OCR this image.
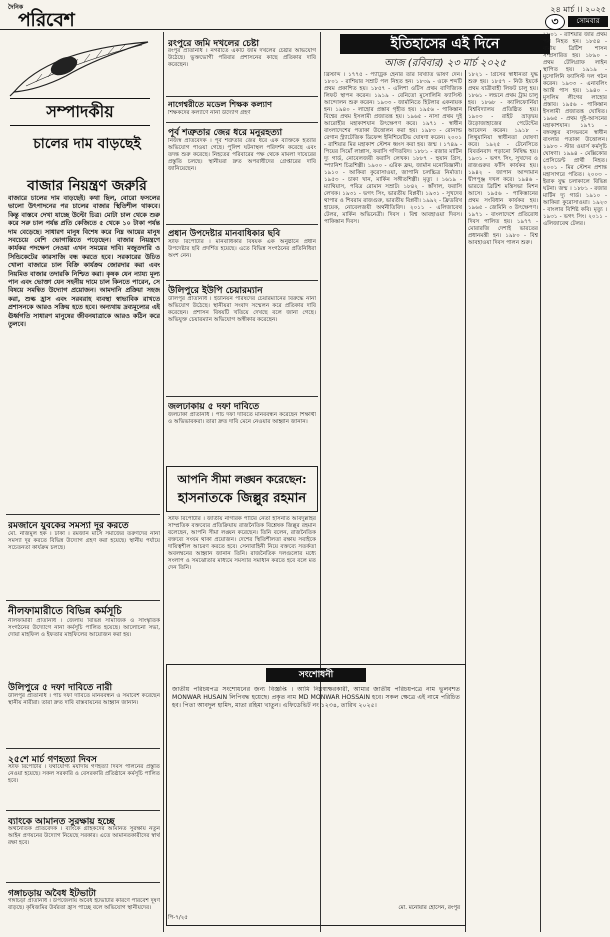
দৈনিক
পরিবেশ	২৪ মার্চ ।। ২০২৫
৩	সোমবার
সম্পাদকীয়
চালের দাম বাড়ছেই
বাজার নিয়ন্ত্রণ জরুরি
বাজারে চালের দাম বাড়ছেই। কথা ছিল, বোরো ফসলের ভালো উৎপাদনের পর চালের বাজার স্থিতিশীল থাকবে। কিন্তু বাস্তবে দেখা যাচ্ছে উল্টো চিত্র। মোটা চাল থেকে শুরু করে সরু চাল পর্যন্ত প্রতি কেজিতে ৫ থেকে ১০ টাকা পর্যন্ত দাম বেড়েছে। সাধারণ মানুষ বিশেষ করে নিম্ন আয়ের মানুষ সবচেয়ে বেশি ভোগান্তিতে পড়েছেন। বাজার নিয়ন্ত্রণে কার্যকর পদক্ষেপ নেওয়া এখন সময়ের দাবি। মজুতদারি ও সিন্ডিকেটের কারসাজি বন্ধ করতে হবে। সরকারের উচিত খোলা বাজারে চাল বিক্রি কার্যক্রম জোরদার করা এবং নিয়মিত বাজার তদারকি নিশ্চিত করা। কৃষক যেন ন্যায্য মূল্য পান এবং ভোক্তা যেন সহনীয় দামে চাল কিনতে পারেন, সে বিষয়ে সমন্বিত উদ্যোগ প্রয়োজন। আমদানি প্রক্রিয়া সহজ করা, শুল্ক হ্রাস এবং সরবরাহ ব্যবস্থা স্বাভাবিক রাখতে প্রশাসনকে আরও সক্রিয় হতে হবে। অন্যথায় দ্রব্যমূল্যের এই ঊর্ধ্বগতি সাধারণ মানুষের জীবনযাত্রাকে আরও কঠিন করে তুলবে।
রমজানে যুবকের সমস্যা দূর করতে
মো. নাজমুল হক । ঢাকা । রমজান মাসে সমাজের তরুণদের নানা সমস্যা দূর করতে বিভিন্ন উদ্যোগ গ্রহণ করা হয়েছে। স্থানীয় পর্যায়ে সচেতনতা কার্যক্রম চলছে।
নীলফামারীতে বিভিন্ন কর্মসূচি
নীলফামারী প্রতিনিধি । জেলায় বিভিন্ন সামাজিক ও সাংস্কৃতিক সংগঠনের উদ্যোগে নানা কর্মসূচি পালিত হয়েছে। আলোচনা সভা, দোয়া মাহফিল ও ইফতার মাহফিলের আয়োজন করা হয়।
উলিপুরে ৫ দফা দাবিতে নারী
উলিপুর প্রতিনিধি । পাঁচ দফা দাবিতে মানববন্ধন ও সমাবেশ করেছেন স্থানীয় নারীরা। তারা দ্রুত দাবি বাস্তবায়নের আহ্বান জানান।
২৫শে মার্চ গণহত্যা দিবস
স্টাফ রিপোর্টার । যথাযোগ্য মর্যাদায় গণহত্যা দিবস পালনের প্রস্তুতি নেওয়া হয়েছে। সকল সরকারি ও বেসরকারি প্রতিষ্ঠানে কর্মসূচি পালিত হবে।
ব্যাংকে আমানত সুরক্ষায় হচ্ছে
অর্থনৈতিক প্রতিবেদক । ব্যাংকে গ্রাহকদের আমানত সুরক্ষায় নতুন আইন প্রণয়নের উদ্যোগ নিয়েছে সরকার। এতে আমানতকারীদের স্বার্থ রক্ষা হবে।
গঙ্গাচড়ায় অবৈধ ইটভাটা
গঙ্গাচড়া প্রতিনিধি । উপজেলায় অবৈধ ইটভাটার কারণে পরিবেশ দূষণ বাড়ছে। কৃষিজমির উর্বরতা হ্রাস পাচ্ছে বলে অভিযোগ স্থানীয়দের।
রংপুরে জমি দখলের চেষ্টা
রংপুর প্রতিনিধি । নগরীতে একটি জমি দখলের চেষ্টার অভিযোগ উঠেছে। ভুক্তভোগী পরিবার প্রশাসনের কাছে প্রতিকার দাবি করেছেন।
নাগেশ্বরীতে মডেল শিক্ষক কল্যাণ
শিক্ষকদের কল্যাণে নানা উদ্যোগ গ্রহণ
পূর্ব শত্রুতার জের ধরে মনুরহত্যা
নিজস্ব প্রতিবেদক । পূর্ব শত্রুতার জের ধরে এক ব্যক্তিকে হত্যার অভিযোগ পাওয়া গেছে। পুলিশ ঘটনাস্থল পরিদর্শন করেছে এবং তদন্ত শুরু করেছে। নিহতের পরিবারের পক্ষ থেকে মামলা দায়েরের প্রস্তুতি চলছে। স্থানীয়রা দ্রুত অপরাধীদের গ্রেপ্তারের দাবি জানিয়েছেন।
প্রধান উপদেষ্টার মানবাধিকার ছবি
স্টাফ রিপোর্টার । মানবাধিকার বিষয়ক এক অনুষ্ঠানে প্রধান উপদেষ্টার ছবি প্রদর্শিত হয়েছে। এতে বিভিন্ন সংগঠনের প্রতিনিধিরা অংশ নেন।
উলিপুরে ইউপি চেয়ারম্যান
উলিপুর প্রতিনিধি । ইউনিয়ন পরিষদের চেয়ারম্যানের বিরুদ্ধে নানা অভিযোগ উঠেছে। স্থানীয়রা সংবাদ সম্মেলন করে প্রতিকার দাবি করেছেন। প্রশাসন বিষয়টি খতিয়ে দেখছে বলে জানা গেছে। অভিযুক্ত চেয়ারম্যান অভিযোগ অস্বীকার করেছেন।
জলঢাকায় ৫ দফা দাবিতে
জলঢাকা প্রতিনিধি । পাঁচ দফা দাবিতে মানববন্ধন করেছেন শিক্ষার্থী ও অভিভাবকরা। তারা দ্রুত দাবি মেনে নেওয়ার আহ্বান জানান।
আপনি সীমা লঙ্ঘন করেছেন:
হাসনাতকে জিল্লুর রহমান
স্টাফ রিপোর্টার । জাতীয় নাগরিক পার্টির নেতা হাসনাত আবদুল্লাহর সাম্প্রতিক বক্তব্যের প্রতিক্রিয়ায় রাজনৈতিক বিশ্লেষক জিল্লুর রহমান বলেছেন, আপনি সীমা লঙ্ঘন করেছেন। তিনি বলেন, রাজনৈতিক বক্তব্যে সংযম থাকা প্রয়োজন। দেশের স্থিতিশীলতা রক্ষায় সবাইকে দায়িত্বশীল আচরণ করতে হবে। সেনাবাহিনী নিয়ে বক্তব্যে সতর্কতা অবলম্বনের আহ্বান জানান তিনি। রাজনৈতিক দলগুলোর মধ্যে সংলাপ ও সমঝোতার মাধ্যমে সমস্যার সমাধান করতে হবে বলে মত দেন তিনি।
সংশোধনী
জাতীয় পরিচয়পত্র সংশোধনের জন্য বিজ্ঞপ্তি । আমি নিম্নস্বাক্ষরকারী, আমার জাতীয় পরিচয়পত্রে নাম ভুলবশত MONWAR HUSAIN লিপিবদ্ধ হয়েছে। প্রকৃত নাম MD MONWAR HOSSAIN হবে। সকল ক্ষেত্রে এই নামে পরিচিত হব। পিতা আবদুল হামিদ, মাতা রহিমা খাতুন। এফিডেভিট নং ১২৩৪, তারিখ ২০২৫।
মো. মনোয়ার হোসেন, রংপুর
পি-৭/২৫
ইতিহাসের এই দিনে
আজ (রবিবার) ২৩ মার্চ ২০২৫
খ্রিস্টাব্দ । ১৭৭৫ - প্যাট্রিক হেনরি তার বিখ্যাত ভাষণ দেন। ১৮০১ - রাশিয়ার সম্রাট পল নিহত হন। ১৮৩৯ - ওকে শব্দটি প্রথম প্রকাশিত হয়। ১৮৫৭ - এলিশা ওটিস প্রথম বাণিজ্যিক লিফট স্থাপন করেন। ১৯১৯ - বেনিতো মুসোলিনি ফ্যাসিস্ট আন্দোলন শুরু করেন। ১৯৩৩ - জার্মানিতে হিটলার একনায়ক হন। ১৯৪০ - লাহোর প্রস্তাব গৃহীত হয়। ১৯৫৬ - পাকিস্তান বিশ্বের প্রথম ইসলামী প্রজাতন্ত্র হয়। ১৯৬৫ - নাসা প্রথম দুই আরোহীর মহাকাশযান উৎক্ষেপণ করে। ১৯৭১ - স্বাধীন বাংলাদেশের পতাকা উত্তোলন করা হয়। ১৯৮৩ - রোনাল্ড রেগান স্ট্র্যাটেজিক ডিফেন্স ইনিশিয়েটিভ ঘোষণা করেন। ২০০১ - রাশিয়ার মির মহাকাশ স্টেশন ধ্বংস করা হয়। জন্ম । ১৭৪৯ - পিয়ের সিমোঁ লাপ্লাস, ফরাসি গণিতবিদ। ১৮৮১ - রজার মার্টিন দ্যু গার্ড, নোবেলজয়ী ফরাসি লেখক। ১৮৮৭ - হুয়ান গ্রিস, স্প্যানিশ চিত্রশিল্পী। ১৯০০ - এরিক ফ্রম, জার্মান মনোবিজ্ঞানী। ১৯১০ - আকিরা কুরোসাওয়া, জাপানি চলচ্চিত্র নির্মাতা। ১৯৫৩ - চাকা খান, মার্কিন সঙ্গীতশিল্পী। মৃত্যু । ১৬১৯ - ম্যাথিয়াস, পবিত্র রোমান সম্রাট। ১৮৪২ - স্তাঁদাল, ফরাসি লেখক। ১৯৩১ - ভগৎ সিং, ভারতীয় বিপ্লবী। ১৯৩১ - সুখদেব থাপার ও শিবরাম রাজগুরু, ভারতীয় বিপ্লবী। ১৯৯২ - ফ্রিডরিখ হায়েক, নোবেলজয়ী অর্থনীতিবিদ। ২০১১ - এলিজাবেথ টেলর, মার্কিন অভিনেত্রী। দিবস । বিশ্ব আবহাওয়া দিবস। পাকিস্তান দিবস।
১৮২১ - গ্রিসের স্বাধীনতা যুদ্ধ শুরু হয়। ১৮৫৭ - নিউ ইয়র্কে প্রথম যাত্রীবাহী লিফট চালু হয়। ১৮৬১ - লন্ডনে প্রথম ট্রাম চালু হয়। ১৮৬৮ - ক্যালিফোর্নিয়া বিশ্ববিদ্যালয় প্রতিষ্ঠিত হয়। ১৯০৩ - রাইট ভ্রাতৃদ্বয় উড়োজাহাজের পেটেন্টের আবেদন করেন। ১৯১৮ - লিথুয়ানিয়া স্বাধীনতা ঘোষণা করে। ১৯২৫ - টেনেসিতে বিবর্তনবাদ পড়ানো নিষিদ্ধ হয়। ১৯৩১ - ভগৎ সিং, সুখদেব ও রাজগুরুর ফাঁসি কার্যকর হয়। ১৯৪২ - জাপান আন্দামান দ্বীপপুঞ্জ দখল করে। ১৯৪৬ - ভারতে ব্রিটিশ মন্ত্রিসভা মিশন আসে। ১৯৫৬ - পাকিস্তানের প্রথম সংবিধান কার্যকর হয়। ১৯৬৫ - জেমিনি ৩ উৎক্ষেপণ। ১৯৭১ - বাংলাদেশে প্রতিরোধ দিবস পালিত হয়। ১৯৭৭ - মোরারজি দেশাই ভারতের প্রধানমন্ত্রী হন। ১৯৮০ - বিশ্ব আবহাওয়া দিবস পালন শুরু।
১৮০১ - রাশিয়ার জার প্রথম পল নিহত হন। ১৮৫৪ - বার্মায় ব্রিটিশ শাসন সম্প্রসারিত হয়। ১৮৯০ - প্রথম টেলিগ্রাফ লাইন স্থাপিত হয়। ১৯১৯ - মুসোলিনি ফ্যাসিস্ট দল গঠন করেন। ১৯৩৩ - এনাবলিং অ্যাক্ট পাস হয়। ১৯৪০ - মুসলিম লীগের লাহোর প্রস্তাব। ১৯৫৬ - পাকিস্তান ইসলামী প্রজাতন্ত্র ঘোষিত। ১৯৬৫ - প্রথম দুই-আসনের মহাকাশযান। ১৯৭১ - বঙ্গবন্ধুর বাসভবনে স্বাধীন বাংলার পতাকা উত্তোলন। ১৯৮৩ - স্টার ওয়ার্স কর্মসূচি ঘোষণা। ১৯৯৪ - মেক্সিকোর প্রেসিডেন্ট প্রার্থী নিহত। ২০০১ - মির স্টেশন প্রশান্ত মহাসাগরে পতিত। ২০০৩ - ইরাক যুদ্ধ চলাকালে বিভিন্ন ঘটনা। জন্ম । ১৮৮১ - রজার মার্টিন দ্যু গার্ড। ১৯১০ - আকিরা কুরোসাওয়া। ১৯২৩ - বাংলার বিশিষ্ট কবি। মৃত্যু । ১৯৩১ - ভগৎ সিং। ২০১১ - এলিজাবেথ টেলর।
